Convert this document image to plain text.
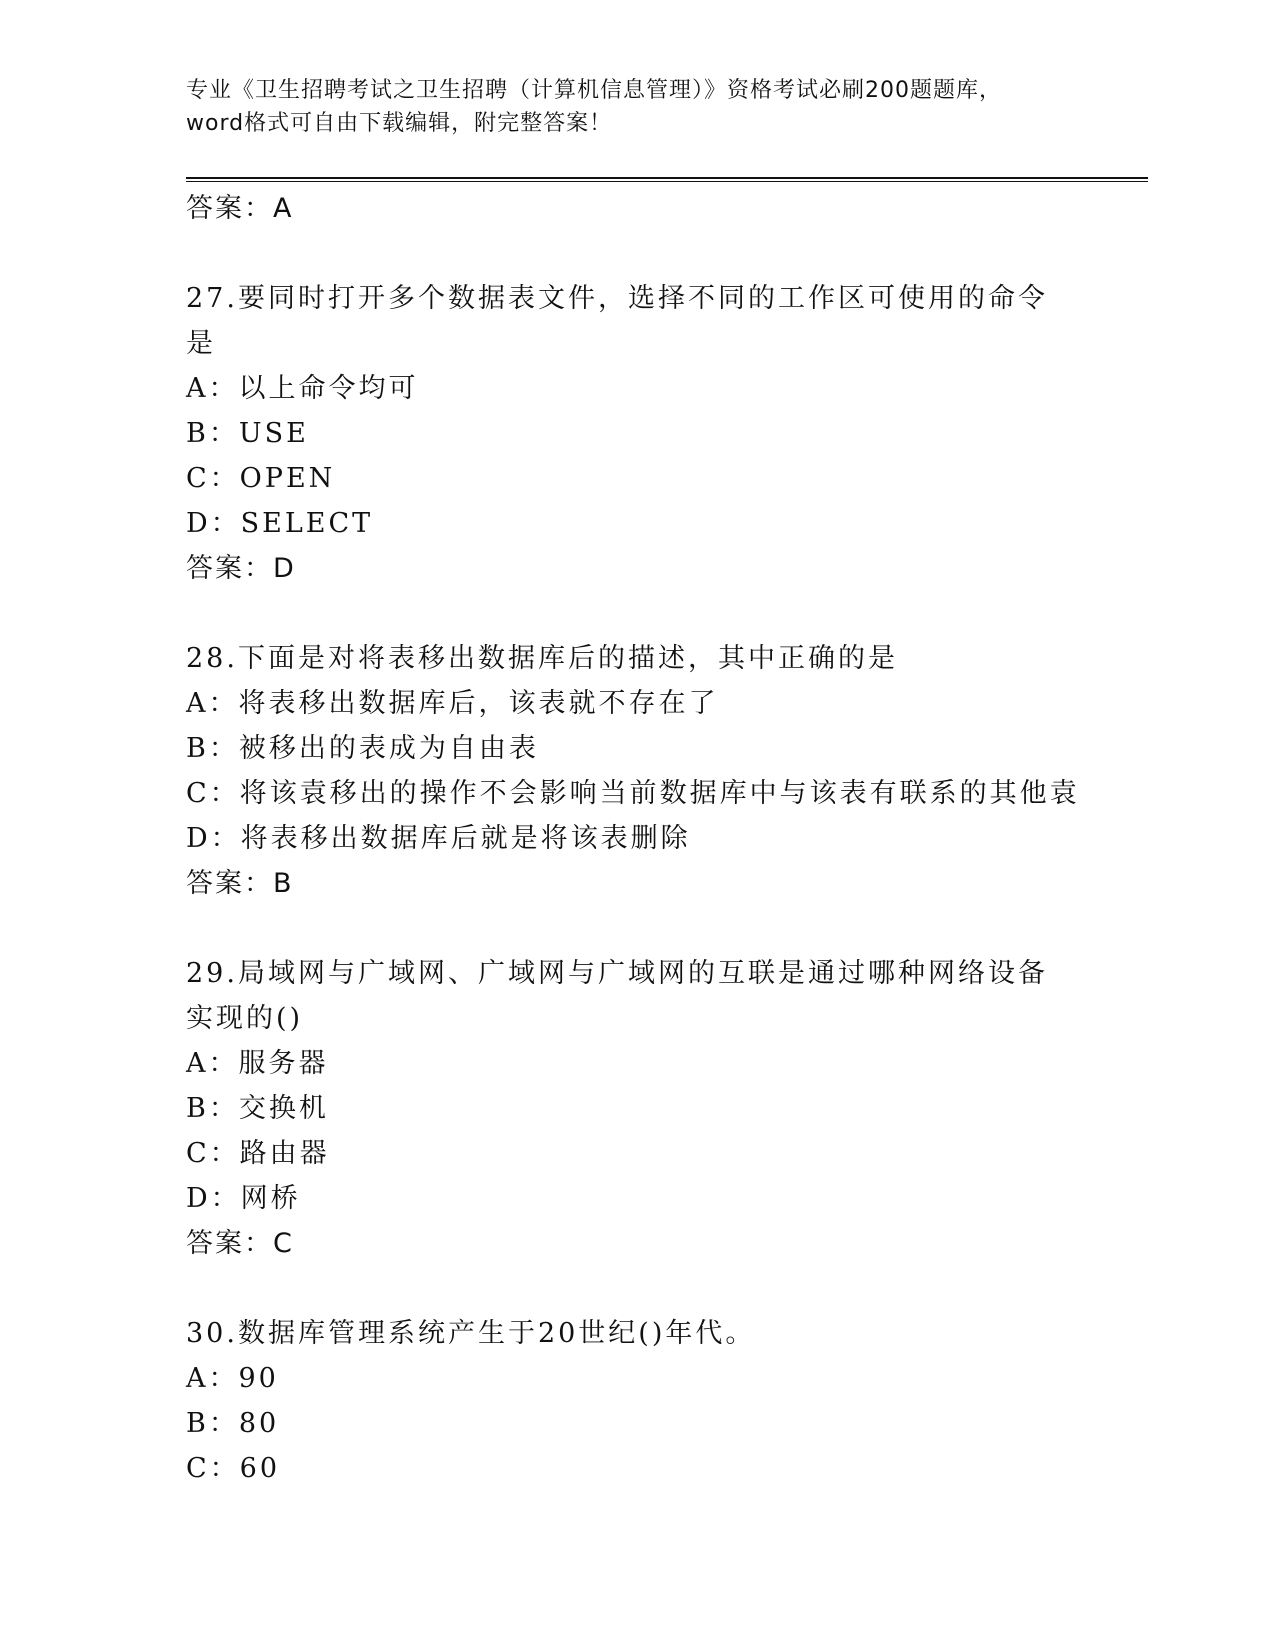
专业《卫生招聘考试之卫生招聘（计算机信息管理）》资格考试必刷200题题库，
word格式可自由下载编辑，附完整答案！
答案：A
27.要同时打开多个数据表文件，选择不同的工作区可使用的命令是
A：以上命令均可
B：USE
C：OPEN
D：SELECT
答案：D
28.下面是对将表移出数据库后的描述，其中正确的是
A：将表移出数据库后，该表就不存在了
B：被移出的表成为自由表
C：将该袁移出的操作不会影响当前数据库中与该表有联系的其他袁
D：将表移出数据库后就是将该表删除
答案：B
29.局域网与广域网、广域网与广域网的互联是通过哪种网络设备实现的()
A：服务器
B：交换机
C：路由器
D：网桥
答案：C
30.数据库管理系统产生于20世纪()年代。
A：90
B：80
C：60
